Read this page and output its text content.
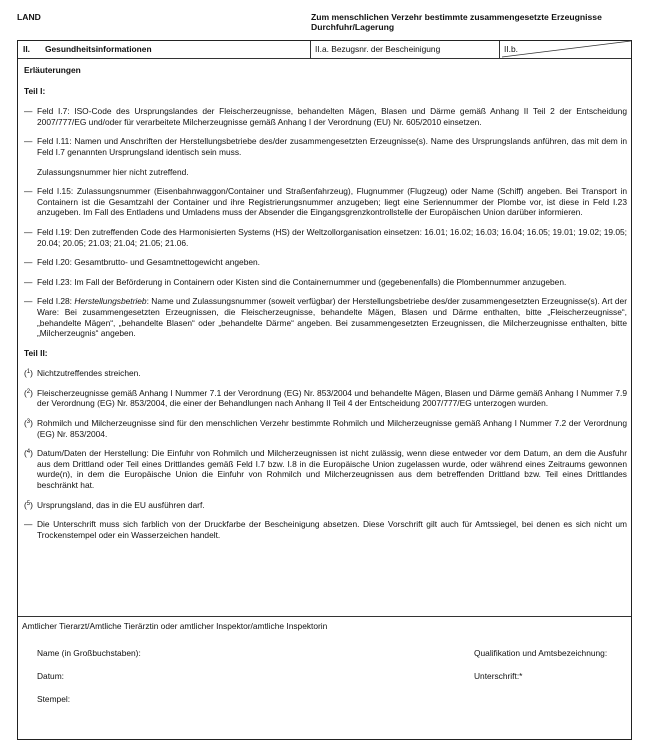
LAND	Zum menschlichen Verzehr bestimmte zusammengesetzte Erzeugnisse
Durchfuhr/Lagerung
II. Gesundheitsinformationen	II.a. Bezugsnr. der Bescheinigung	II.b.
Erläuterungen
Teil I:
— Feld I.7: ISO-Code des Ursprungslandes der Fleischerzeugnisse, behandelten Mägen, Blasen und Därme gemäß Anhang II Teil 2 der Entscheidung 2007/777/EG und/oder für verarbeitete Milcherzeugnisse gemäß Anhang I der Verordnung (EU) Nr. 605/2010 einsetzen.
— Feld I.11: Namen und Anschriften der Herstellungsbetriebe des/der zusammengesetzten Erzeugnisse(s). Name des Ursprungslands anführen, das mit dem in Feld I.7 genannten Ursprungsland identisch sein muss.
Zulassungsnummer hier nicht zutreffend.
— Feld I.15: Zulassungsnummer (Eisenbahnwaggon/Container und Straßenfahrzeug), Flugnummer (Flugzeug) oder Name (Schiff) angeben. Bei Transport in Containern ist die Gesamtzahl der Container und ihre Registrierungsnummer anzugeben; liegt eine Seriennummer der Plombe vor, ist diese in Feld I.23 anzugeben. Im Fall des Entladens und Umladens muss der Absender die Eingangsgrenzkontrollstelle der Europäischen Union darüber informieren.
— Feld I.19: Den zutreffenden Code des Harmonisierten Systems (HS) der Weltzollorganisation einsetzen: 16.01; 16.02; 16.03; 16.04; 16.05; 19.01; 19.02; 19.05; 20.04; 20.05; 21.03; 21.04; 21.05; 21.06.
— Feld I.20: Gesamtbrutto- und Gesamtnettogewicht angeben.
— Feld I.23: Im Fall der Beförderung in Containern oder Kisten sind die Containernummer und (gegebenenfalls) die Plombennummer anzugeben.
— Feld I.28: Herstellungsbetrieb: Name und Zulassungsnummer (soweit verfügbar) der Herstellungsbetriebe des/der zusammengesetzten Erzeugnisse(s). Art der Ware: Bei zusammengesetzten Erzeugnissen, die Fleischerzeugnisse, behandelte Mägen, Blasen und Därme enthalten, bitte „Fleischerzeugnisse“, „behandelte Mägen“, „behandelte Blasen“ oder „behandelte Därme“ angeben. Bei zusammengesetzten Erzeugnissen, die Milcherzeugnisse enthalten, bitte „Milcherzeugnis“ angeben.
Teil II:
($^1$) Nichtzutreffendes streichen.
($^2$) Fleischerzeugnisse gemäß Anhang I Nummer 7.1 der Verordnung (EG) Nr. 853/2004 und behandelte Mägen, Blasen und Därme gemäß Anhang I Nummer 7.9 der Verordnung (EG) Nr. 853/2004, die einer der Behandlungen nach Anhang II Teil 4 der Entscheidung 2007/777/EG unterzogen wurden.
($^3$) Rohmilch und Milcherzeugnisse sind für den menschlichen Verzehr bestimmte Rohmilch und Milcherzeugnisse gemäß Anhang I Nummer 7.2 der Verordnung (EG) Nr. 853/2004.
($^4$) Datum/Daten der Herstellung: Die Einfuhr von Rohmilch und Milcherzeugnissen ist nicht zulässig, wenn diese entweder vor dem Datum, an dem die Ausfuhr aus dem Drittland oder Teil eines Drittlandes gemäß Feld I.7 bzw. I.8 in die Europäische Union zugelassen wurde, oder während eines Zeitraums gewonnen wurde(n), in dem die Europäische Union die Einfuhr von Rohmilch und Milcherzeugnissen aus dem betreffenden Drittland bzw. Teil eines Drittlandes beschränkt hat.
($^5$) Ursprungsland, das in die EU ausführen darf.
— Die Unterschrift muss sich farblich von der Druckfarbe der Bescheinigung absetzen. Diese Vorschrift gilt auch für Amtssiegel, bei denen es sich nicht um Trockenstempel oder ein Wasserzeichen handelt.
Amtlicher Tierarzt/Amtliche Tierärztin oder amtlicher Inspektor/amtliche Inspektorin
Name (in Großbuchstaben):	Qualifikation und Amtsbezeichnung:
Datum:	Unterschrift:*
Stempel:
